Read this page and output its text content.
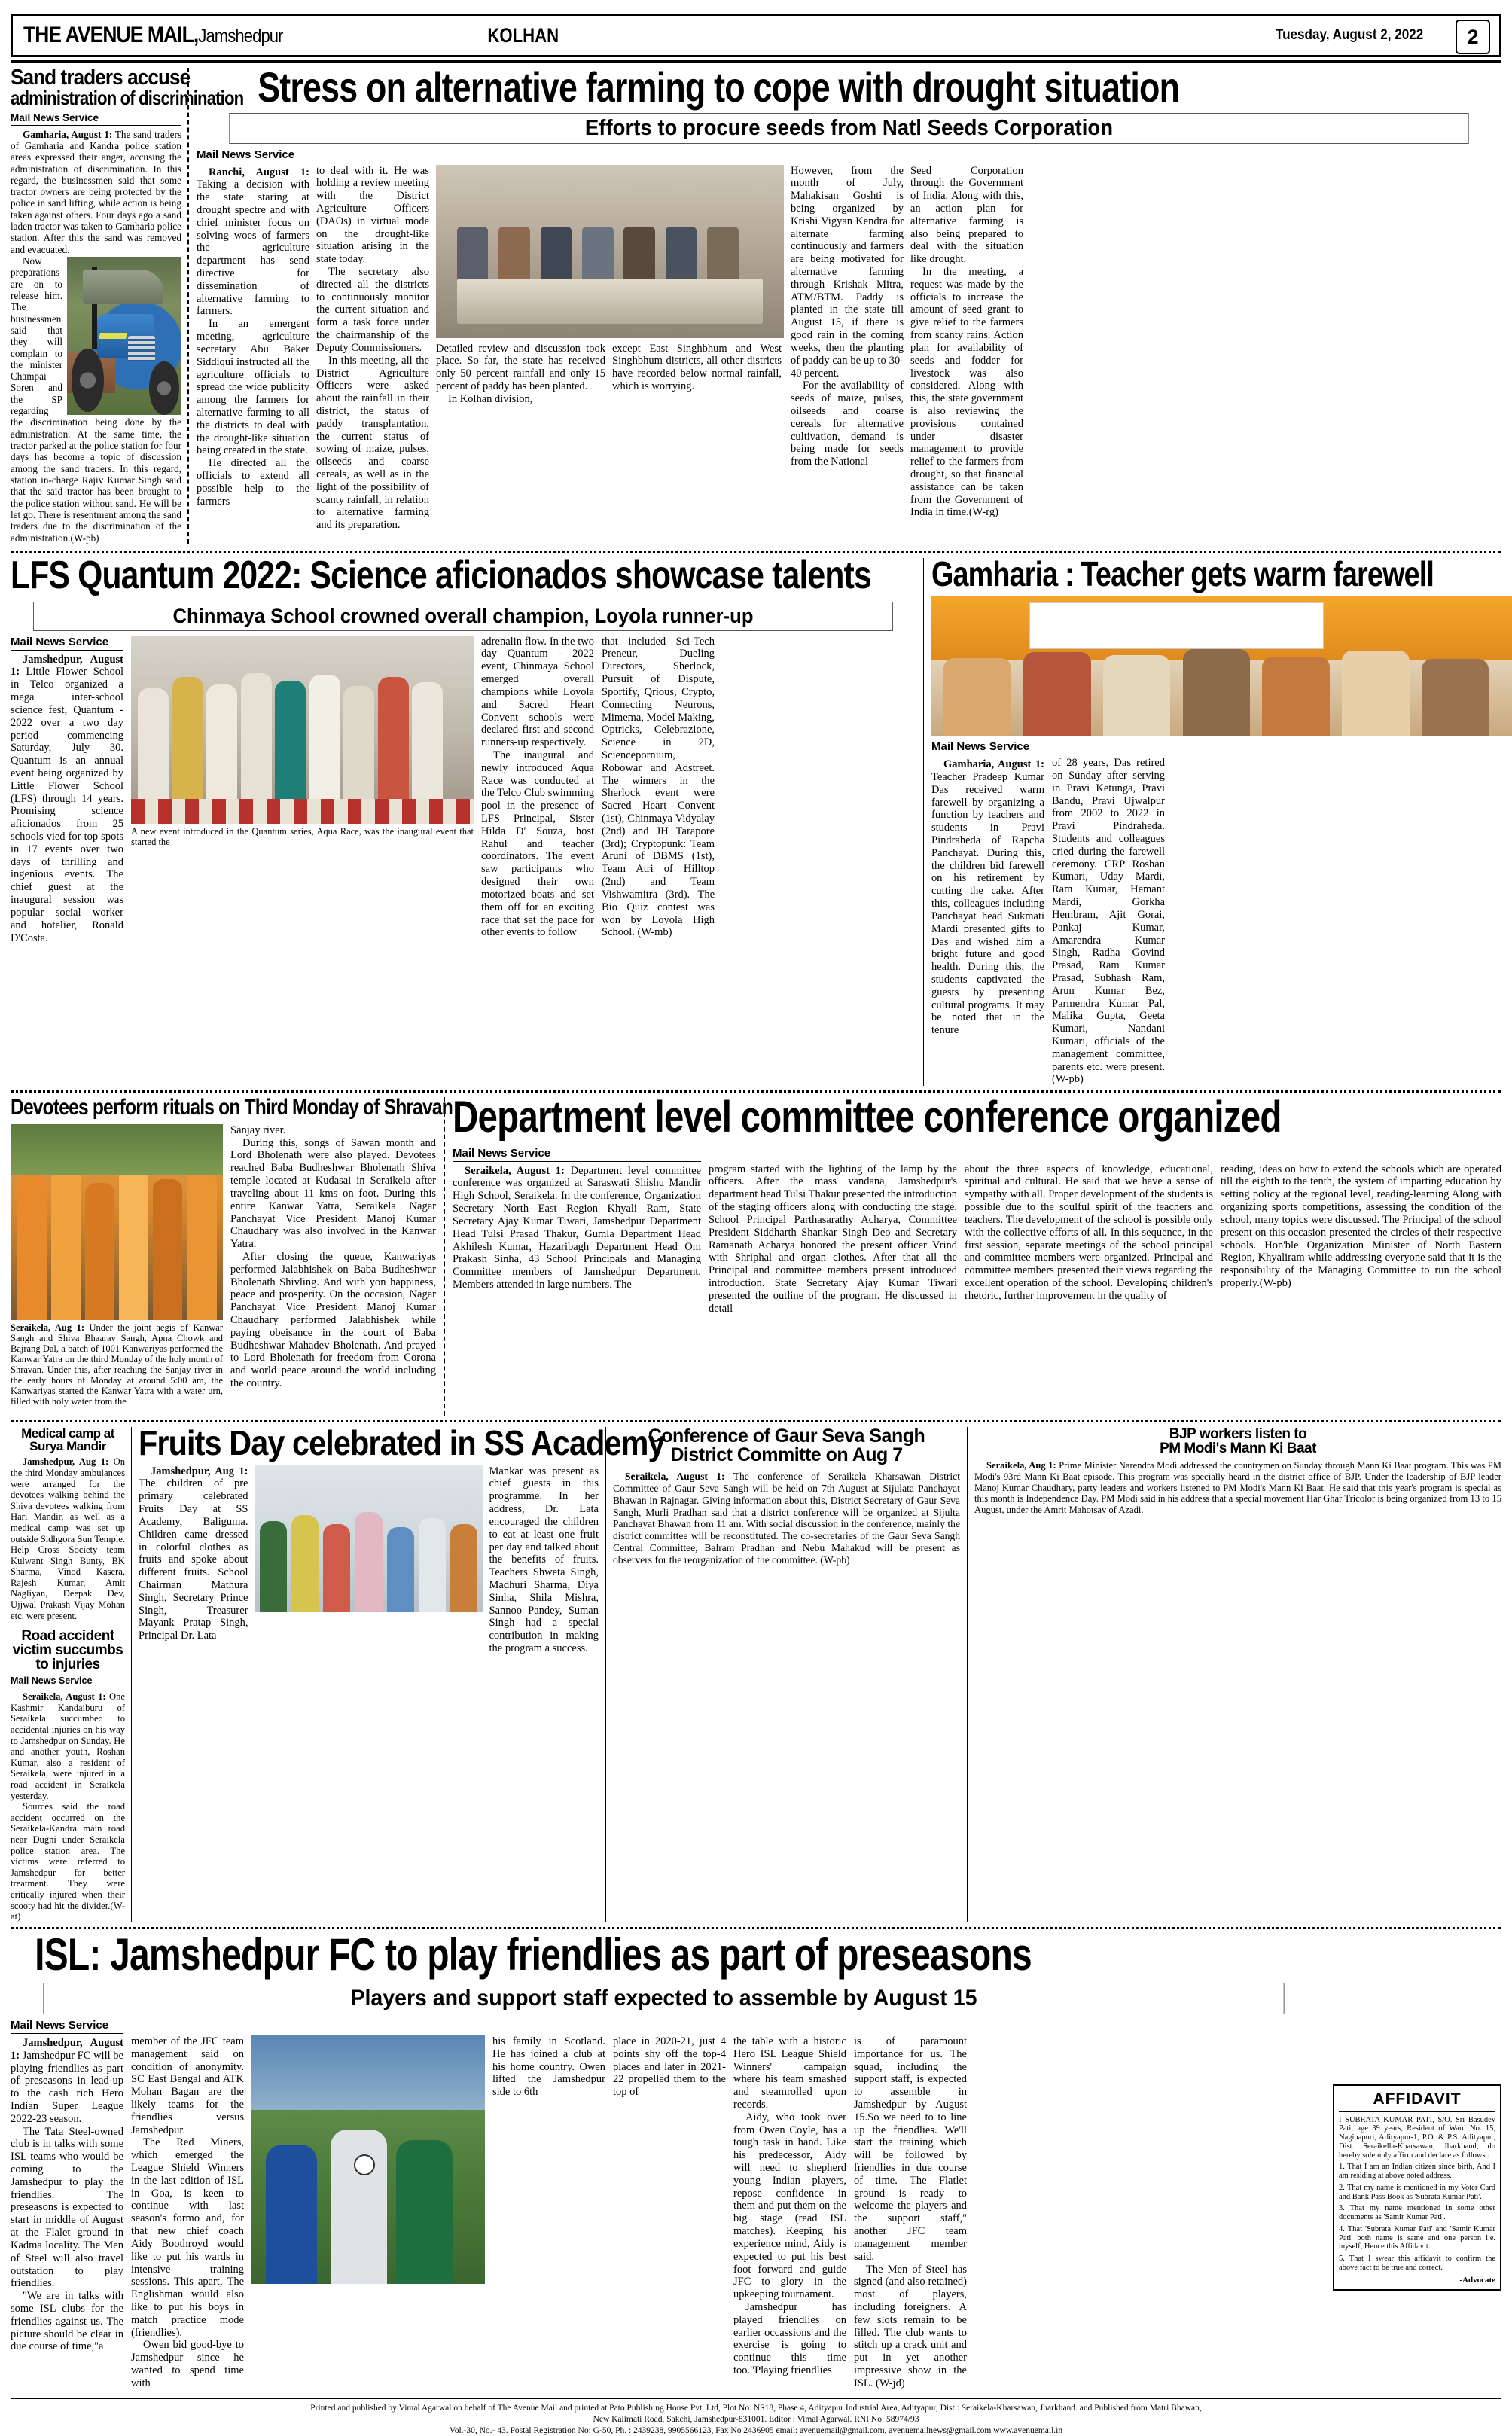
THE AVENUE MAIL,Jamshedpur	KOLHAN	Tuesday, August 2, 2022	2
Sand traders accuse
administration of discrimination
Mail News Service

Gamharia, August 1: The sand traders of Gamharia and Kandra police station areas expressed their anger, accusing the administration of discrimination. In this regard, the businessmen said that some tractor owners are being protected by the police in sand lifting, while action is being taken against others. Four days ago a sand laden tractor was taken to Gamharia police station. After this the sand was removed and evacuated.

Now preparations are on to release him. The businessmen said that they will complain to the minister Champai Soren and the SP regarding the discrimination being done by the administration. At the same time, the tractor parked at the police station for four days has become a topic of discussion among the sand traders. In this regard, station in-charge Rajiv Kumar Singh said that the said tractor has been brought to the police station without sand. He will be let go. There is resentment among the sand traders due to the discrimination of the administration.(W-pb)

Stress on alternative farming to cope with drought situation
Efforts to procure seeds from Natl Seeds Corporation
Mail News Service

Ranchi, August 1: Taking a decision with the state staring at drought spectre and with chief minister focus on solving woes of farmers the agriculture department has send directive for dissemination of alternative farming to farmers.

In an emergent meeting, agriculture secretary Abu Baker Siddiqui instructed all the agriculture officials to spread the wide publicity among the farmers for alternative farming to all the districts to deal with the drought-like situation being created in the state.

He directed all the officials to extend all possible help to the farmers

to deal with it. He was holding a review meeting with the District Agriculture Officers (DAOs) in virtual mode on the drought-like situation arising in the state today.

The secretary also directed all the districts to continuously monitor the current situation and form a task force under the chairmanship of the Deputy Commissioners.

In this meeting, all the District Agriculture Officers were asked about the rainfall in their district, the status of paddy transplantation, the current status of sowing of maize, pulses, oilseeds and coarse cereals, as well as in the light of the possibility of scanty rainfall, in relation to alternative farming and its preparation.

Detailed review and discussion took place. So far, the state has received only 50 percent rainfall and only 15 percent of paddy has been planted.

In Kolhan division,

except East Singhbhum and West Singhbhum districts, all other districts have recorded below normal rainfall, which is worrying.

However, from the month of July, Mahakisan Goshti is being organized by Krishi Vigyan Kendra for alternate farming continuously and farmers are being motivated for alternative farming through Krishak Mitra, ATM/BTM. Paddy is planted in the state till August 15, if there is good rain in the coming weeks, then the planting of paddy can be up to 30-40 percent.

For the availability of seeds of maize, pulses, oilseeds and coarse cereals for alternative cultivation, demand is being made for seeds from the National

Seed Corporation through the Government of India. Along with this, an action plan for alternative farming is also being prepared to deal with the situation like drought.

In the meeting, a request was made by the officials to increase the amount of seed grant to give relief to the farmers from scanty rains. Action plan for availability of seeds and fodder for livestock was also considered. Along with this, the state government is also reviewing the provisions contained under disaster management to provide relief to the farmers from drought, so that financial assistance can be taken from the Government of India in time.(W-rg)

LFS Quantum 2022: Science aficionados showcase talents
Chinmaya School crowned overall champion, Loyola runner-up
Mail News Service

Jamshedpur, August 1: Little Flower School in Telco organized a mega inter-school science fest, Quantum - 2022 over a two day period commencing Saturday, July 30. Quantum is an annual event being organized by Little Flower School (LFS) through 14 years. Promising science aficionados from 25 schools vied for top spots in 17 events over two days of thrilling and ingenious events. The chief guest at the inaugural session was popular social worker and hotelier, Ronald D'Costa.

A new event introduced in the Quantum series, Aqua Race, was the inaugural event that started the

adrenalin flow. In the two day Quantum - 2022 event, Chinmaya School emerged overall champions while Loyola and Sacred Heart Convent schools were declared first and second runners-up respectively.

The inaugural and newly introduced Aqua Race was conducted at the Telco Club swimming pool in the presence of LFS Principal, Sister Hilda D' Souza, host Rahul and teacher coordinators. The event saw participants who designed their own motorized boats and set them off for an exciting race that set the pace for other events to follow

that included Sci-Tech Preneur, Dueling Directors, Sherlock, Pursuit of Dispute, Sportify, Qrious, Crypto, Connecting Neurons, Mimema, Model Making, Optricks, Celebrazione, Science in 2D, Sciencepornium, Robowar and Adstreet. The winners in the Sherlock event were Sacred Heart Convent (1st), Chinmaya Vidyalay (2nd) and JH Tarapore (3rd); Cryptopunk: Team Aruni of DBMS (1st), Team Atri of Hilltop (2nd) and Team Vishwamitra (3rd). The Bio Quiz contest was won by Loyola High School. (W-mb)

Gamharia : Teacher gets warm farewell
Mail News Service

Gamharia, August 1: Teacher Pradeep Kumar Das received warm farewell by organizing a function by teachers and students in Pravi Pindraheda of Rapcha Panchayat. During this, the children bid farewell on his retirement by cutting the cake. After this, colleagues including Panchayat head Sukmati Mardi presented gifts to Das and wished him a bright future and good health. During this, the students captivated the guests by presenting cultural programs. It may be noted that in the tenure

of 28 years, Das retired on Sunday after serving in Pravi Ketunga, Pravi Bandu, Pravi Ujwalpur from 2002 to 2022 in Pravi Pindraheda. Students and colleagues cried during the farewell ceremony. CRP Roshan Kumari, Uday Mardi, Ram Kumar, Hemant Mardi, Gorkha Hembram, Ajit Gorai, Pankaj Kumar, Amarendra Kumar Singh, Radha Govind Prasad, Ram Kumar Prasad, Subhash Ram, Arun Kumar Bez, Parmendra Kumar Pal, Malika Gupta, Geeta Kumari, Nandani Kumari, officials of the management committee, parents etc. were present.(W-pb)

Devotees perform rituals on Third Monday of Shravan

Seraikela, Aug 1: Under the joint aegis of Kanwar Sangh and Shiva Bhaarav Sangh, Apna Chowk and Bajrang Dal, a batch of 1001 Kanwariyas performed the Kanwar Yatra on the third Monday of the holy month of Shravan. Under this, after reaching the Sanjay river in the early hours of Monday at around 5:00 am, the Kanwariyas started the Kanwar Yatra with a water urn, filled with holy water from the

Sanjay river.

During this, songs of Sawan month and Lord Bholenath were also played. Devotees reached Baba Budheshwar Bholenath Shiva temple located at Kudasai in Seraikela after traveling about 11 kms on foot. During this entire Kanwar Yatra, Seraikela Nagar Panchayat Vice President Manoj Kumar Chaudhary was also involved in the Kanwar Yatra.

After closing the queue, Kanwariyas performed Jalabhishek on Baba Budheshwar Bholenath Shivling. And with yon happiness, peace and prosperity. On the occasion, Nagar Panchayat Vice President Manoj Kumar Chaudhary performed Jalabhishek while paying obeisance in the court of Baba Budheshwar Mahadev Bholenath. And prayed to Lord Bholenath for freedom from Corona and world peace around the world including the country.

Department level committee conference organized
Mail News Service

Seraikela, August 1: Department level committee conference was organized at Saraswati Shishu Mandir High School, Seraikela. In the conference, Organization Secretary North East Region Khyali Ram, State Secretary Ajay Kumar Tiwari, Jamshedpur Department Head Tulsi Prasad Thakur, Gumla Department Head Akhilesh Kumar, Hazaribagh Department Head Om Prakash Sinha, 43 School Principals and Managing Committee members of Jamshedpur Department. Members attended in large numbers. The

program started with the lighting of the lamp by the officers. After the mass vandana, Jamshedpur's department head Tulsi Thakur presented the introduction of the staging officers along with conducting the stage. School Principal Parthasarathy Acharya, Committee President Siddharth Shankar Singh Deo and Secretary Ramanath Acharya honored the present officer Vrind with Shriphal and organ clothes. After that all the Principal and committee members present introduced introduction. State Secretary Ajay Kumar Tiwari presented the outline of the program. He discussed in detail

about the three aspects of knowledge, educational, spiritual and cultural. He said that we have a sense of sympathy with all. Proper development of the students is possible due to the soulful spirit of the teachers and teachers. The development of the school is possible only with the collective efforts of all. In this sequence, in the first session, separate meetings of the school principal and committee members were organized. Principal and committee members presented their views regarding the excellent operation of the school. Developing children's rhetoric, further improvement in the quality of

reading, ideas on how to extend the schools which are operated till the eighth to the tenth, the system of imparting education by setting policy at the regional level, reading-learning Along with organizing sports competitions, assessing the condition of the school, many topics were discussed. The Principal of the school present on this occasion presented the circles of their respective schools. Hon'ble Organization Minister of North Eastern Region, Khyaliram while addressing everyone said that it is the responsibility of the Managing Committee to run the school properly.(W-pb)

Medical camp at
Surya Mandir

Jamshedpur, Aug 1: On the third Monday ambulances were arranged for the devotees walking behind the Shiva devotees walking from Hari Mandir, as well as a medical camp was set up outside Sidhgora Sun Temple. Help Cross Society team Kulwant Singh Bunty, BK Sharma, Vinod Kasera, Rajesh Kumar, Amit Nagliyan, Deepak Dev, Ujjwal Prakash Vijay Mohan etc. were present.

Road accident
victim succumbs
to injuries
Mail News Service

Seraikela, August 1: One Kashmir Kandaiburu of Seraikela succumbed to accidental injuries on his way to Jamshedpur on Sunday. He and another youth, Roshan Kumar, also a resident of Seraikela, were injured in a road accident in Seraikela yesterday.

Sources said the road accident occurred on the Seraikela-Kandra main road near Dugni under Seraikela police station area. The victims were referred to Jamshedpur for better treatment. They were critically injured when their scooty had hit the divider.(W-at)

Fruits Day celebrated in SS Academy

Jamshedpur, Aug 1: The children of pre primary celebrated Fruits Day at SS Academy, Baliguma. Children came dressed in colorful clothes as fruits and spoke about different fruits. School Chairman Mathura Singh, Secretary Prince Singh, Treasurer Mayank Pratap Singh, Principal Dr. Lata

Mankar was present as chief guests in this programme. In her address, Dr. Lata encouraged the children to eat at least one fruit per day and talked about the benefits of fruits. Teachers Shweta Singh, Madhuri Sharma, Diya Sinha, Shila Mishra, Sannoo Pandey, Suman Singh had a special contribution in making the program a success.

Conference of Gaur Seva Sangh
District Committe on Aug 7

Seraikela, August 1: The conference of Seraikela Kharsawan District Committee of Gaur Seva Sangh will be held on 7th August at Sijulata Panchayat Bhawan in Rajnagar. Giving information about this, District Secretary of Gaur Seva Sangh, Murli Pradhan said that a district conference will be organized at Sijulta Panchayat Bhawan from 11 am. With social discussion in the conference, mainly the district committee will be reconstituted. The co-secretaries of the Gaur Seva Sangh Central Committee, Balram Pradhan and Nebu Mahakud will be present as observers for the reorganization of the committee. (W-pb)

BJP workers listen to
PM Modi's Mann Ki Baat

Seraikela, Aug 1: Prime Minister Narendra Modi addressed the countrymen on Sunday through Mann Ki Baat program. This was PM Modi's 93rd Mann Ki Baat episode. This program was specially heard in the district office of BJP. Under the leadership of BJP leader Manoj Kumar Chaudhary, party leaders and workers listened to PM Modi's Mann Ki Baat. He said that this year's program is special as this month is Independence Day. PM Modi said in his address that a special movement Har Ghar Tricolor is being organized from 13 to 15 August, under the Amrit Mahotsav of Azadi.

ISL: Jamshedpur FC to play friendlies as part of preseasons
Players and support staff expected to assemble by August 15
Mail News Service

Jamshedpur, August 1: Jamshedpur FC will be playing friendlies as part of preseasons in lead-up to the cash rich Hero Indian Super League 2022-23 season.

The Tata Steel-owned club is in talks with some ISL teams who would be coming to the Jamshedpur to play the friendlies. The preseasons is expected to start in middle of August at the Flalet ground in Kadma locality. The Men of Steel will also travel outstation to play friendlies.

"We are in talks with some ISL clubs for the friendlies against us. The picture should be clear in due course of time,"a

member of the JFC team management said on condition of anonymity. SC East Bengal and ATK Mohan Bagan are the likely teams for the friendlies versus Jamshedpur.

The Red Miners, which emerged the League Shield Winners in the last edition of ISL in Goa, is keen to continue with last season's formo and, for that new chief coach Aidy Boothroyd would like to put his wards in intensive training sessions. This apart, The Englishman would also like to put his boys in match practice mode (friendlies).

Owen bid good-bye to Jamshedpur since he wanted to spend time with

his family in Scotland. He has joined a club at his home country. Owen lifted the Jamshedpur side to 6th

place in 2020-21, just 4 points shy off the top-4 places and later in 2021-22 propelled them to the top of

the table with a historic Hero ISL League Shield Winners' campaign where his team smashed and steamrolled upon records.

Aidy, who took over from Owen Coyle, has a tough task in hand. Like his predecessor, Aidy will need to shepherd young Indian players, repose confidence in them and put them on the big stage (read ISL matches). Keeping his experience mind, Aidy is expected to put his best foot forward and guide JFC to glory in the upkeeping tournament.

Jamshedpur has played friendlies on earlier occassions and the exercise is going to continue this time too."Playing friendlies

is of paramount importance for us. The squad, including the support staff, is expected to assemble in Jamshedpur by August 15.So we need to to line up the friendlies. We'll start the training which will be followed by friendlies in due course of time. The Flatlet ground is ready to welcome the players and the support staff," another JFC team management member said.

The Men of Steel has signed (and also retained) most of players, including foreigners. A few slots remain to be filled. The club wants to stitch up a crack unit and put in yet another impressive show in the ISL. (W-jd)

AFFIDAVIT

I SUBRATA KUMAR PATI, S/O. Sri Basudev Pati, age 39 years, Resident of Ward No. 15, Naginapuri, Adityapur-1, P.O. & P.S. Adityapur, Dist. Seraikella-Kharsawan, Jharkhand, do hereby solemnly affirm and declare as follows :

1. That I am an Indian citizen since birth, And I am residing at above noted address.

2. That my name is mentioned in my Voter Card and Bank Pass Book as 'Subrata Kumar Pati'.

3. That my name mentioned in some other documents as 'Samir Kumar Pati'.

4. That 'Subrata Kumar Pati' and 'Samir Kumar Pati' both name is same and one person i.e. myself, Hence this Affidavit.

5. That I swear this affidavit to confirm the above fact to be true and correct.

-Advocate
Printed and published by Vimal Agarwal on behalf of The Avenue Mail and printed at Pato Publishing House Pvt. Ltd, Plot No. NS18, Phase 4, Adityapur Industrial Area, Adityapur, Dist : Seraikela-Kharsawan, Jharkhand. and Published from Matri Bhawan,
New Kalimati Road, Sakchi, Jamshedpur-831001. Editor : Vimal Agarwal. RNI No: 58974/93
Vol.-30, No.- 43. Postal Registration No: G-50, Ph. : 2439238, 9905566123, Fax No 2436905 email: avenuemail@gmail.com, avenuemailnews@gmail.com www.avenuemail.in
